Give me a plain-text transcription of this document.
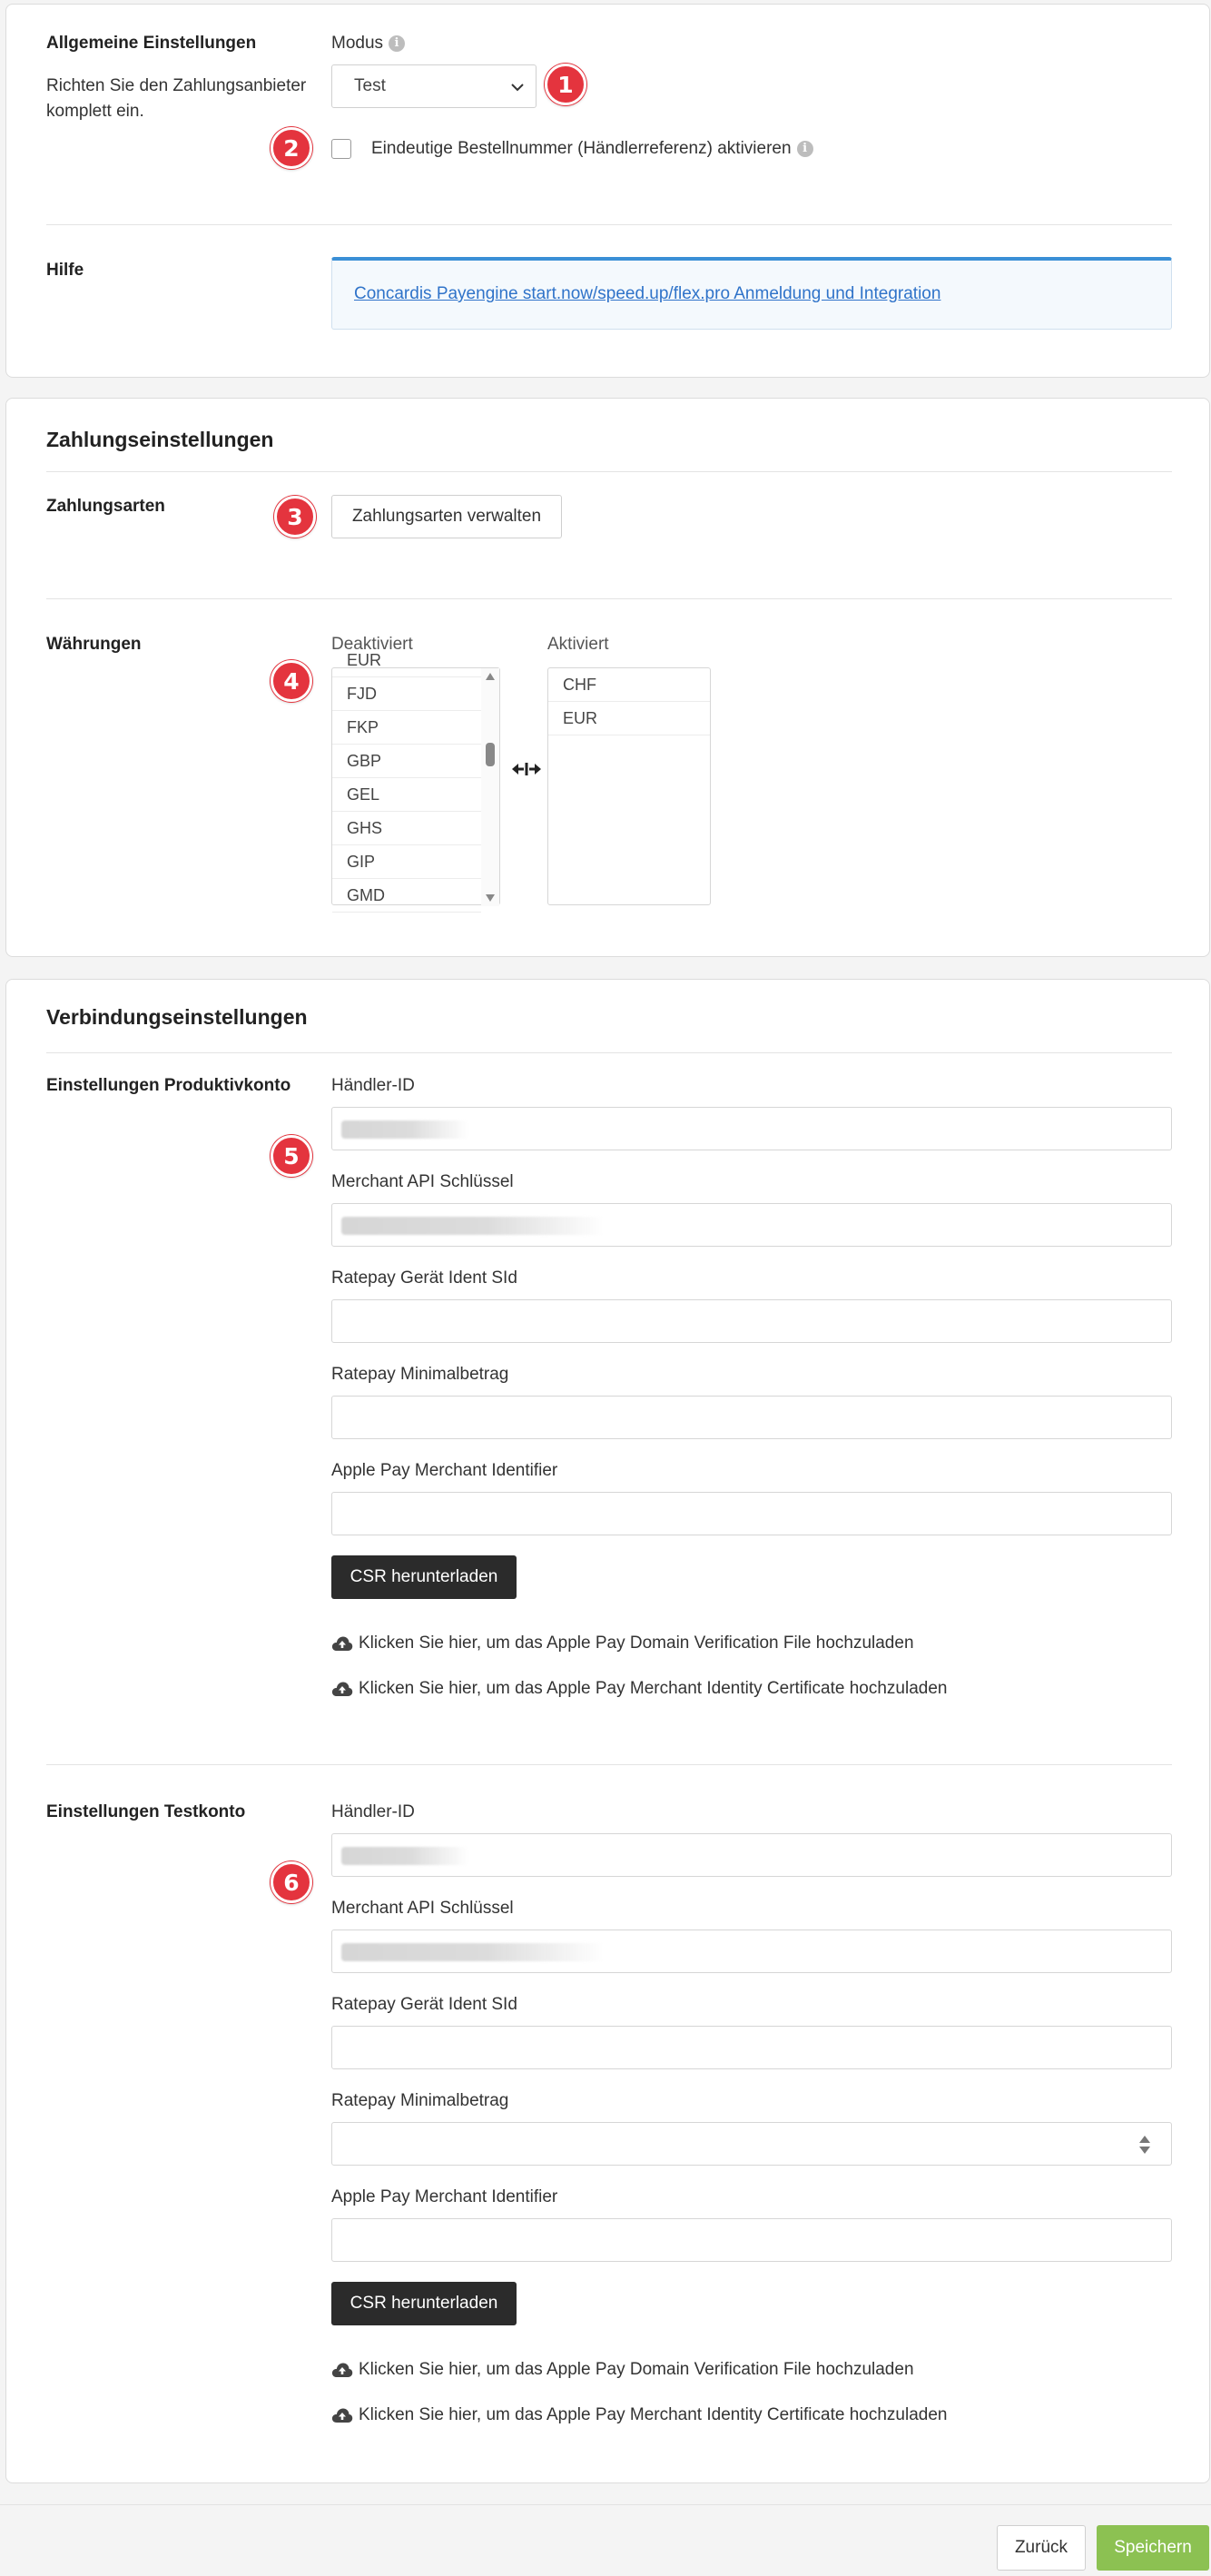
Allgemeine Einstellungen
Richten Sie den Zahlungsanbieter komplett ein.
Modus i
Test
Eindeutige Bestellnummer (Händlerreferenz) aktivieren i
Hilfe
Concardis Payengine start.now/speed.up/flex.pro Anmeldung und Integration
Zahlungseinstellungen
Zahlungsarten
Zahlungsarten verwalten
Währungen	Deaktiviert
EUR
FJD
FKP
GBP
GEL
GHS
GIP
GMD
Aktiviert
CHF
EUR
Verbindungseinstellungen
Einstellungen Produktivkonto Händler-ID
Merchant API Schlüssel
Ratepay Gerät Ident SId
Ratepay Minimalbetrag
Apple Pay Merchant Identifier
CSR herunterladen
Klicken Sie hier, um das Apple Pay Domain Verification File hochzuladen
Klicken Sie hier, um das Apple Pay Merchant Identity Certificate hochzuladen
Einstellungen Testkonto	Händler-ID
Merchant API Schlüssel
Ratepay Gerät Ident SId
Ratepay Minimalbetrag
Apple Pay Merchant Identifier
CSR herunterladen
Klicken Sie hier, um das Apple Pay Domain Verification File hochzuladen
Klicken Sie hier, um das Apple Pay Merchant Identity Certificate hochzuladen
1
2
3
4
5
6
Zurück	Speichern
